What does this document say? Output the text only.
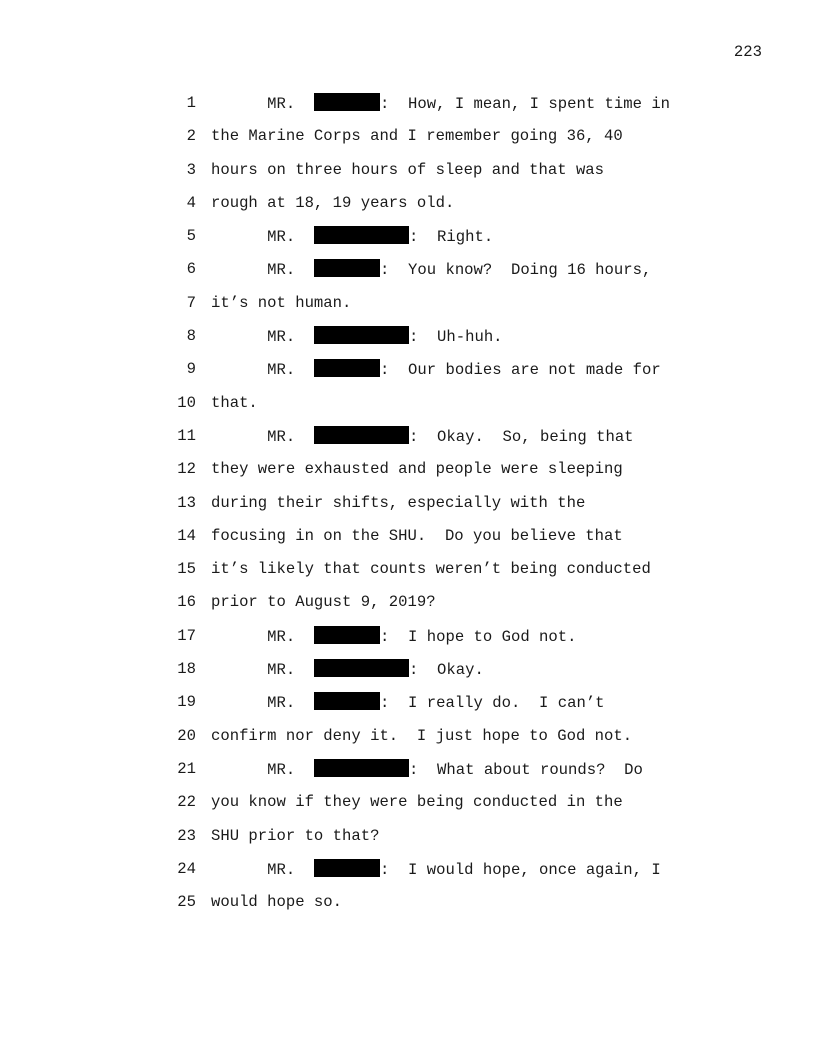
223
1	MR.	:  How, I mean, I spent time in
2 the Marine Corps and I remember going 36, 40
3 hours on three hours of sleep and that was
4 rough at 18, 19 years old.
5	MR.	:  Right.
6	MR.	:  You know?  Doing 16 hours,
7 it’s not human.
8	MR.	:  Uh-huh.
9	MR.	:  Our bodies are not made for
10 that.
11	MR.	:  Okay.  So, being that
12 they were exhausted and people were sleeping
13 during their shifts, especially with the
14 focusing in on the SHU.  Do you believe that
15 it’s likely that counts weren’t being conducted
16 prior to August 9, 2019?
17	MR.	:  I hope to God not.
18	MR.	:  Okay.
19	MR.	:  I really do.  I can’t
20 confirm nor deny it.  I just hope to God not.
21	MR.	:  What about rounds?  Do
22 you know if they were being conducted in the
23 SHU prior to that?
24	MR.	:  I would hope, once again, I
25 would hope so.
